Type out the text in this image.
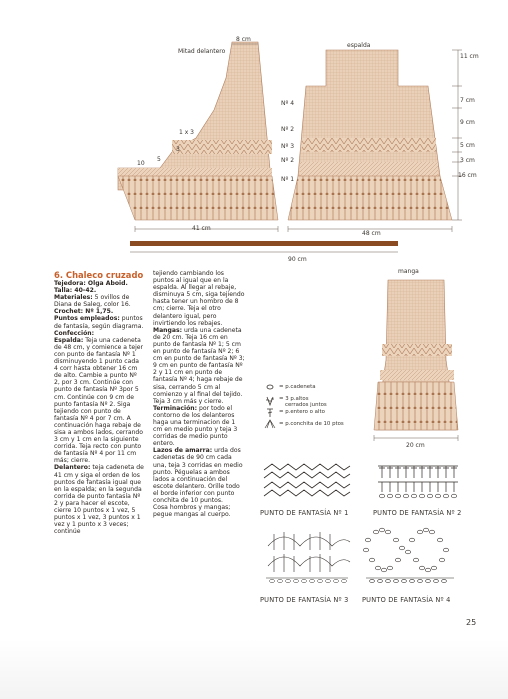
8 cm
Mitad delantero
espalda
11 cm
7 cm
9 cm
5 cm
3 cm
16 cm
Nº 4
Nº 2
Nº 3
Nº 2
Nº 1
1 x 3
3
5
10
41 cm
48 cm
90 cm
manga
20 cm
= p.cadeneta
= 3 p.altos
cerrados juntos
= p.entero o alto
= p.conchita de 10 ptos
PUNTO DE FANTASÍA Nº 1	PUNTO DE FANTASÍA Nº 2
PUNTO DE FANTASÍA Nº 3 PUNTO DE FANTASÍA Nº 4
6. Chaleco cruzado
Tejedora: Olga Aboid.
Talla: 40-42.
Materiales: 5 ovillos de Diana de Saleg, color 16.
Crochet: Nº 1,75.
Puntos empleados: puntos de fantasía, según diagrama.
Confección:
Espalda: Teja una cadeneta de 48 cm, y comience a tejer con punto de fantasía Nº 1 disminuyendo 1 punto cada 4 corr hasta obtener 16 cm de alto. Cambie a punto Nº 2, por 3 cm. Continúe con punto de fantasía Nº 3por 5 cm. Continúe con 9 cm de punto fantasía Nº 2. Siga tejiendo con punto de fantasía Nº 4 por 7 cm. A continuación haga rebaje de sisa a ambos lados, cerrando 3 cm y 1 cm en la siguiente corrida. Teja recto con punto de fantasía Nº 4 por 11 cm más; cierre.
Delantero: teja cadeneta de 41 cm y siga el orden de los puntos de fantasía igual que en la espalda; en la segunda corrida de punto fantasía Nº 2 y para hacer el escote, cierre 10 puntos x 1 vez, 5 puntos x 1 vez, 3 puntos x 1 vez y 1 punto x 3 veces; continúe
tejiendo cambiando los puntos al igual que en la espalda. Al llegar al rebaje, disminuya 5 cm, siga tejiendo hasta tener un hombro de 8 cm; cierre. Teja el otro delantero igual, pero invirtiendo los rebajes.
Mangas: urda una cadeneta de 20 cm. Teja 16 cm en punto de fantasía Nº 1; 5 cm en punto de fantasía Nº 2; 6 cm en punto de fantasía Nº 3; 9 cm en punto de fantasía Nº 2 y 11 cm en punto de fantasía Nº 4; haga rebaje de sisa, cerrando 5 cm al comienzo y al final del tejido. Teja 3 cm más y cierre.
Terminación: por todo el contorno de los delanteros haga una terminacion de 1 cm en medio punto y teja 3 corridas de medio punto entero.
Lazos de amarra: urda dos cadenetas de 90 cm cada una, teja 3 corridas en medio punto. Péguelas a ambos lados a continuación del escote delantero. Orille todo el borde inferior con punto conchita de 10 puntos.
Cosa hombros y mangas; pegue mangas al cuerpo.
25
